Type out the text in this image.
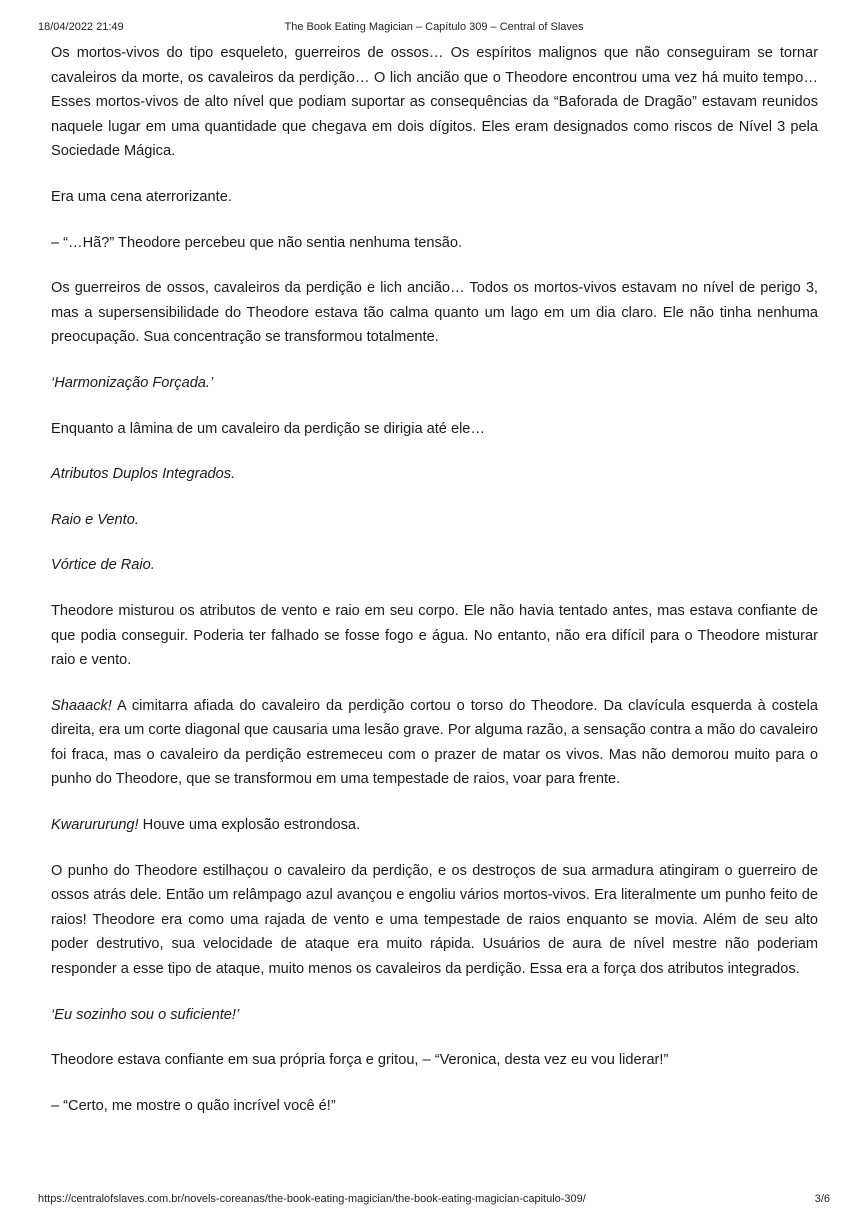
18/04/2022 21:49	The Book Eating Magician – Capítulo 309 – Central of Slaves

Os mortos-vivos do tipo esqueleto, guerreiros de ossos… Os espíritos malignos que não conseguiram se tornar cavaleiros da morte, os cavaleiros da perdição… O lich ancião que o Theodore encontrou uma vez há muito tempo… Esses mortos-vivos de alto nível que podiam suportar as consequências da “Baforada de Dragão” estavam reunidos naquele lugar em uma quantidade que chegava em dois dígitos. Eles eram designados como riscos de Nível 3 pela Sociedade Mágica.

Era uma cena aterrorizante.

– “…Hã?” Theodore percebeu que não sentia nenhuma tensão.

Os guerreiros de ossos, cavaleiros da perdição e lich ancião… Todos os mortos-vivos estavam no nível de perigo 3, mas a supersensibilidade do Theodore estava tão calma quanto um lago em um dia claro. Ele não tinha nenhuma preocupação. Sua concentração se transformou totalmente.

‘Harmonização Forçada.’

Enquanto a lâmina de um cavaleiro da perdição se dirigia até ele…

Atributos Duplos Integrados.

Raio e Vento.

Vórtice de Raio.

Theodore misturou os atributos de vento e raio em seu corpo. Ele não havia tentado antes, mas estava confiante de que podia conseguir. Poderia ter falhado se fosse fogo e água. No entanto, não era difícil para o Theodore misturar raio e vento.

Shaaack! A cimitarra afiada do cavaleiro da perdição cortou o torso do Theodore. Da clavícula esquerda à costela direita, era um corte diagonal que causaria uma lesão grave. Por alguma razão, a sensação contra a mão do cavaleiro foi fraca, mas o cavaleiro da perdição estremeceu com o prazer de matar os vivos. Mas não demorou muito para o punho do Theodore, que se transformou em uma tempestade de raios, voar para frente.

Kwarururung! Houve uma explosão estrondosa.

O punho do Theodore estilhaçou o cavaleiro da perdição, e os destroços de sua armadura atingiram o guerreiro de ossos atrás dele. Então um relâmpago azul avançou e engoliu vários mortos-vivos. Era literalmente um punho feito de raios! Theodore era como uma rajada de vento e uma tempestade de raios enquanto se movia. Além de seu alto poder destrutivo, sua velocidade de ataque era muito rápida. Usuários de aura de nível mestre não poderiam responder a esse tipo de ataque, muito menos os cavaleiros da perdição. Essa era a força dos atributos integrados.

‘Eu sozinho sou o suficiente!’

Theodore estava confiante em sua própria força e gritou, – “Veronica, desta vez eu vou liderar!”

– “Certo, me mostre o quão incrível você é!”

https://centralofslaves.com.br/novels-coreanas/the-book-eating-magician/the-book-eating-magician-capitulo-309/	3/6
